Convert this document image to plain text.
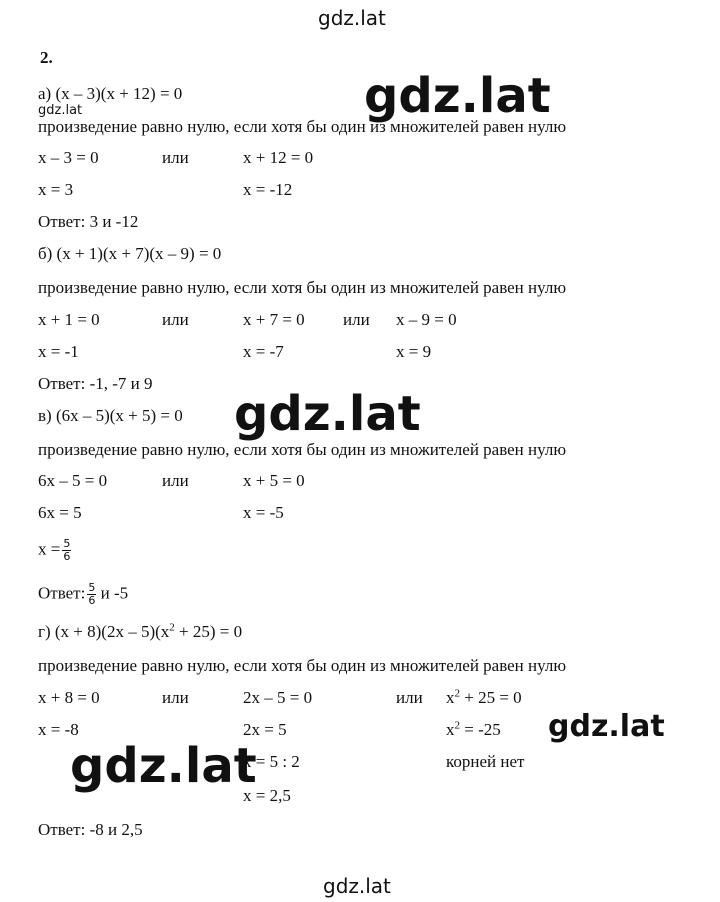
gdz.lat
gdz.lat
2.
а) (x – 3)(x + 12) = 0
gdz.lat
произведение равно нулю, если хотя бы один из множителей равен нулю
x – 3 = 0	или	x + 12 = 0
x = 3	x = -12
Ответ: 3 и -12
gdz.lat
б) (x + 1)(x + 7)(x – 9) = 0
произведение равно нулю, если хотя бы один из множителей равен нулю
x + 1 = 0	или	x + 7 = 0 или x – 9 = 0
x = -1	x = -7	x = 9
Ответ: -1, -7 и 9
gdz.lat
в) (6x – 5)(x + 5) = 0
произведение равно нулю, если хотя бы один из множителей равен нулю
6x – 5 = 0	или	x + 5 = 0
6x = 5	x = -5
$x = \frac{5}{6}$
Ответ: $\frac{5}{6}$ и -5
г) $(x + 8)(2x - 5)(x^2 + 25) = 0$
произведение равно нулю, если хотя бы один из множителей равен нулю
x + 8 = 0	или	2x – 5 = 0	или $x^2 + 25 = 0$
x = -8	2x = 5	$x^2 = -25$
x = 5 : 2	корней нет
x = 2,5
Ответ: -8 и 2,5
gdz.lat
gdz.lat
